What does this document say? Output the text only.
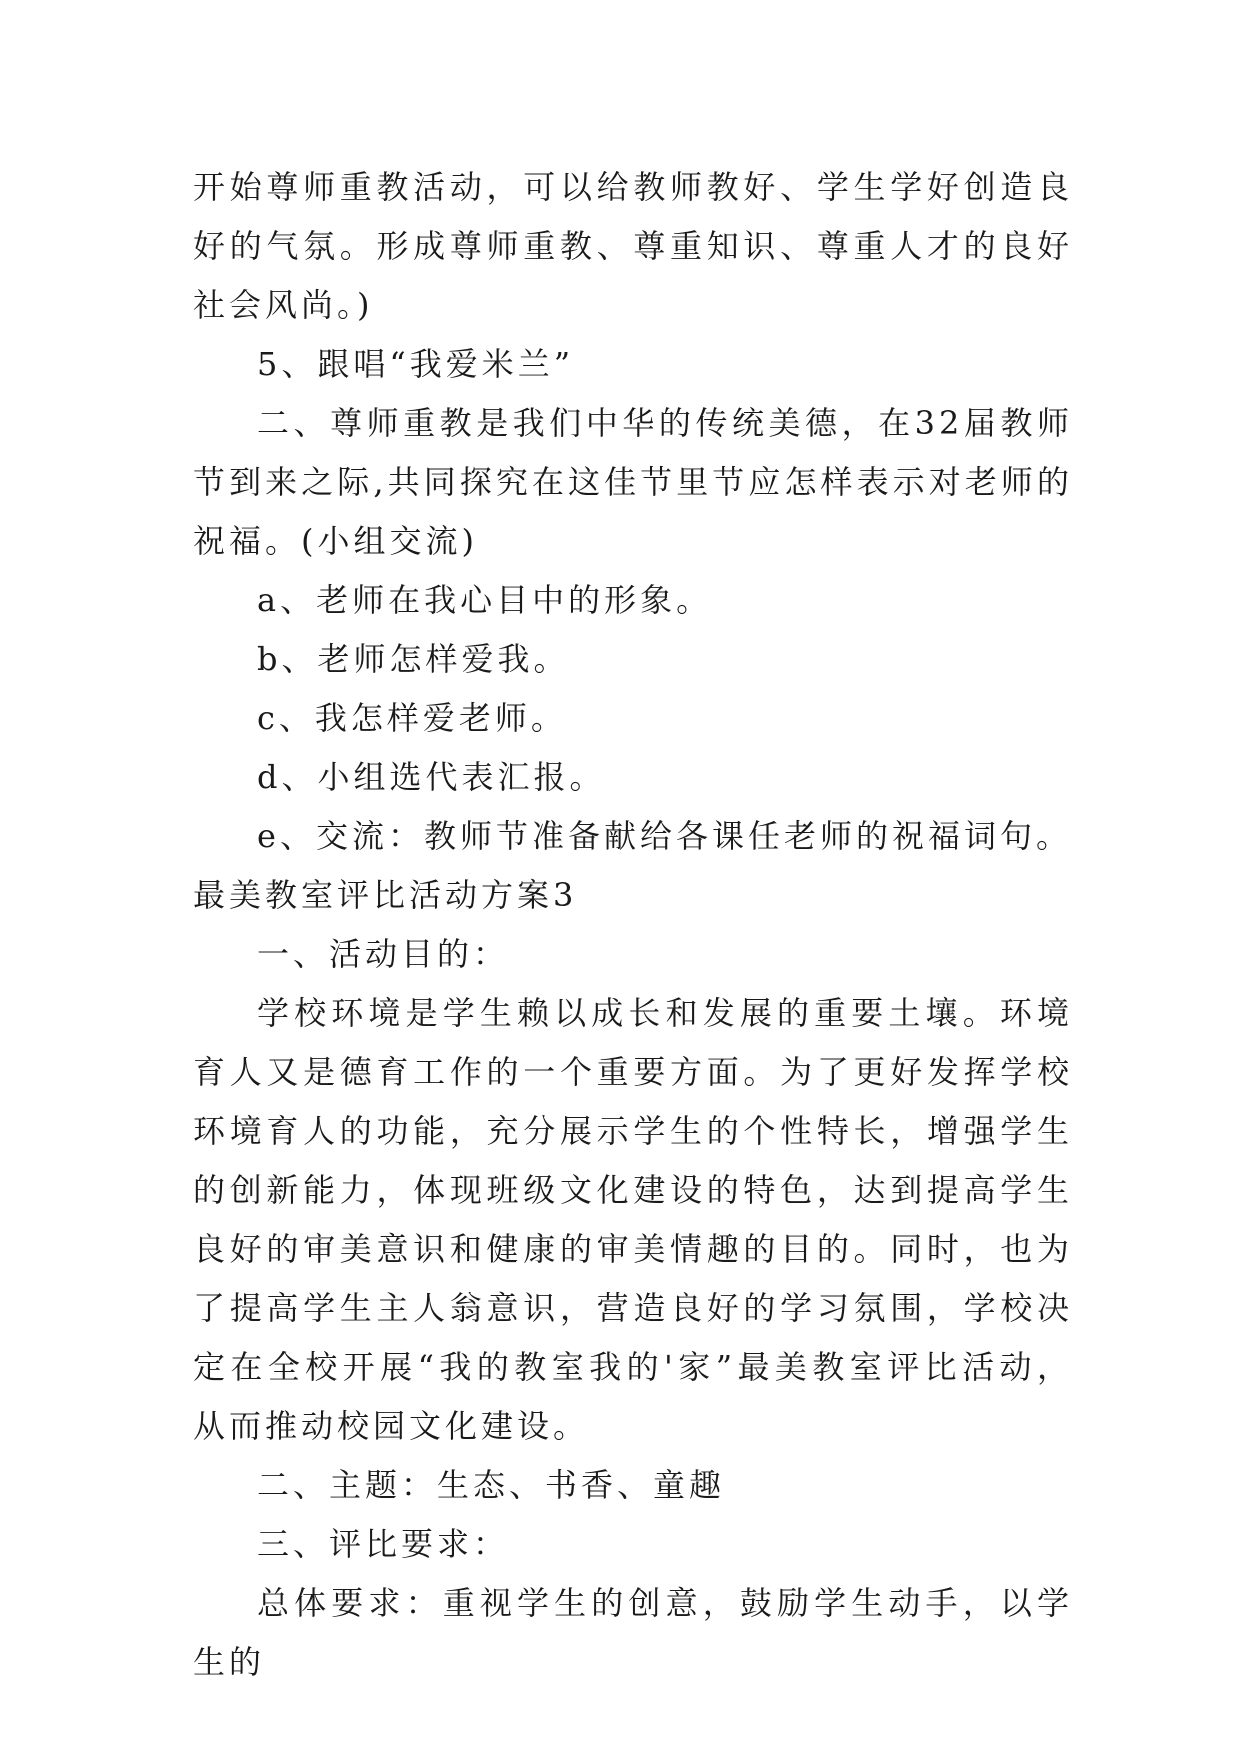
开始尊师重教活动，可以给教师教好、学生学好创造良好的气氛。形成尊师重教、尊重知识、尊重人才的良好社会风尚。)

5、跟唱“我爱米兰”

二、尊师重教是我们中华的传统美德，在32届教师节到来之际,共同探究在这佳节里节应怎样表示对老师的祝福。(小组交流)

a、老师在我心目中的形象。

b、老师怎样爱我。

c、我怎样爱老师。

d、小组选代表汇报。

e、交流：教师节准备献给各课任老师的祝福词句。

最美教室评比活动方案3

一、活动目的：

学校环境是学生赖以成长和发展的重要土壤。环境育人又是德育工作的一个重要方面。为了更好发挥学校环境育人的功能，充分展示学生的个性特长，增强学生的创新能力，体现班级文化建设的特色，达到提高学生良好的审美意识和健康的审美情趣的目的。同时，也为了提高学生主人翁意识，营造良好的学习氛围，学校决定在全校开展“我的教室我的'家”最美教室评比活动，从而推动校园文化建设。

二、主题：生态、书香、童趣

三、评比要求：

总体要求：重视学生的创意，鼓励学生动手，以学生的
